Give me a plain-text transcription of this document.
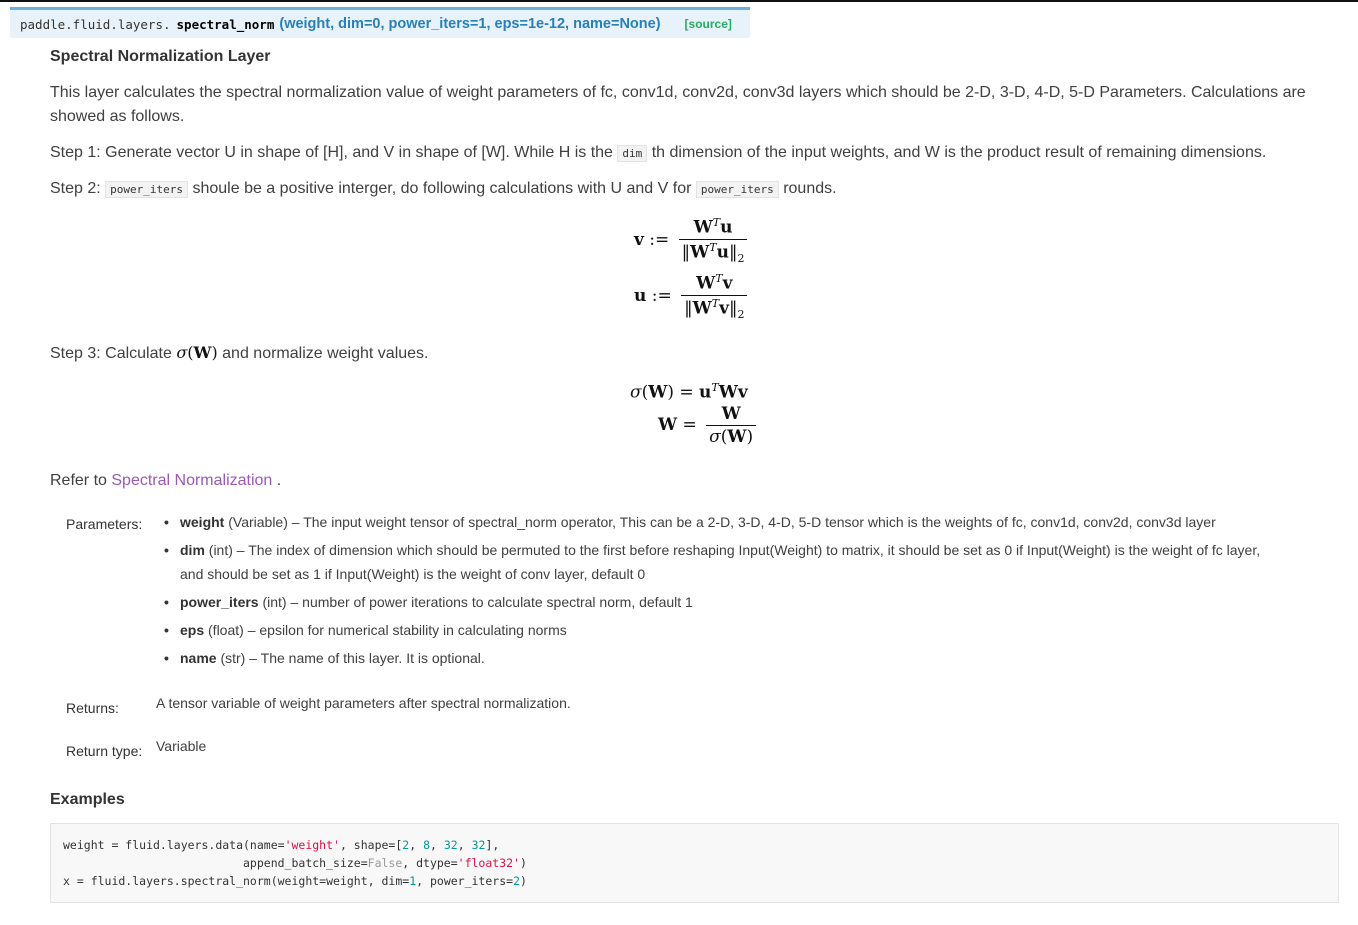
paddle.fluid.layers. spectral_norm (weight, dim=0, power_iters=1, eps=1e-12, name=None) [source]
Spectral Normalization Layer
This layer calculates the spectral normalization value of weight parameters of fc, conv1d, conv2d, conv3d layers which should be 2-D, 3-D, 4-D, 5-D Parameters. Calculations are
showed as follows.
Step 1: Generate vector U in shape of [H], and V in shape of [W]. While H is the dim th dimension of the input weights, and W is the product result of remaining dimensions.
Step 2: power_iters shoule be a positive interger, do following calculations with U and V for power_iters rounds.
v := $\frac{W^Tu}{‖W^Tu‖_2}$
u := $\frac{W^Tv}{‖W^Tv‖_2}$
Step 3: Calculate σ(W) and normalize weight values.
$\sigma(W) = u^TWv$
$W = \frac{W}{\sigma(W)}$
Refer to Spectral Normalization .
Parameters:
•	weight (Variable) – The input weight tensor of spectral_norm operator, This can be a 2-D, 3-D, 4-D, 5-D tensor which is the weights of fc, conv1d, conv2d, conv3d layer
• dim (int) – The index of dimension which should be permuted to the first before reshaping Input(Weight) to matrix, it should be set as 0 if Input(Weight) is the weight of fc layer,
and should be set as 1 if Input(Weight) is the weight of conv layer, default 0
• power_iters (int) – number of power iterations to calculate spectral norm, default 1
• eps (float) – epsilon for numerical stability in calculating norms
• name (str) – The name of this layer. It is optional.
Returns:	A tensor variable of weight parameters after spectral normalization.
Return type: Variable
Examples
weight = fluid.layers.data(name='weight', shape=[2, 8, 32, 32],
append_batch_size=False, dtype='float32')
x = fluid.layers.spectral_norm(weight=weight, dim=1, power_iters=2)
